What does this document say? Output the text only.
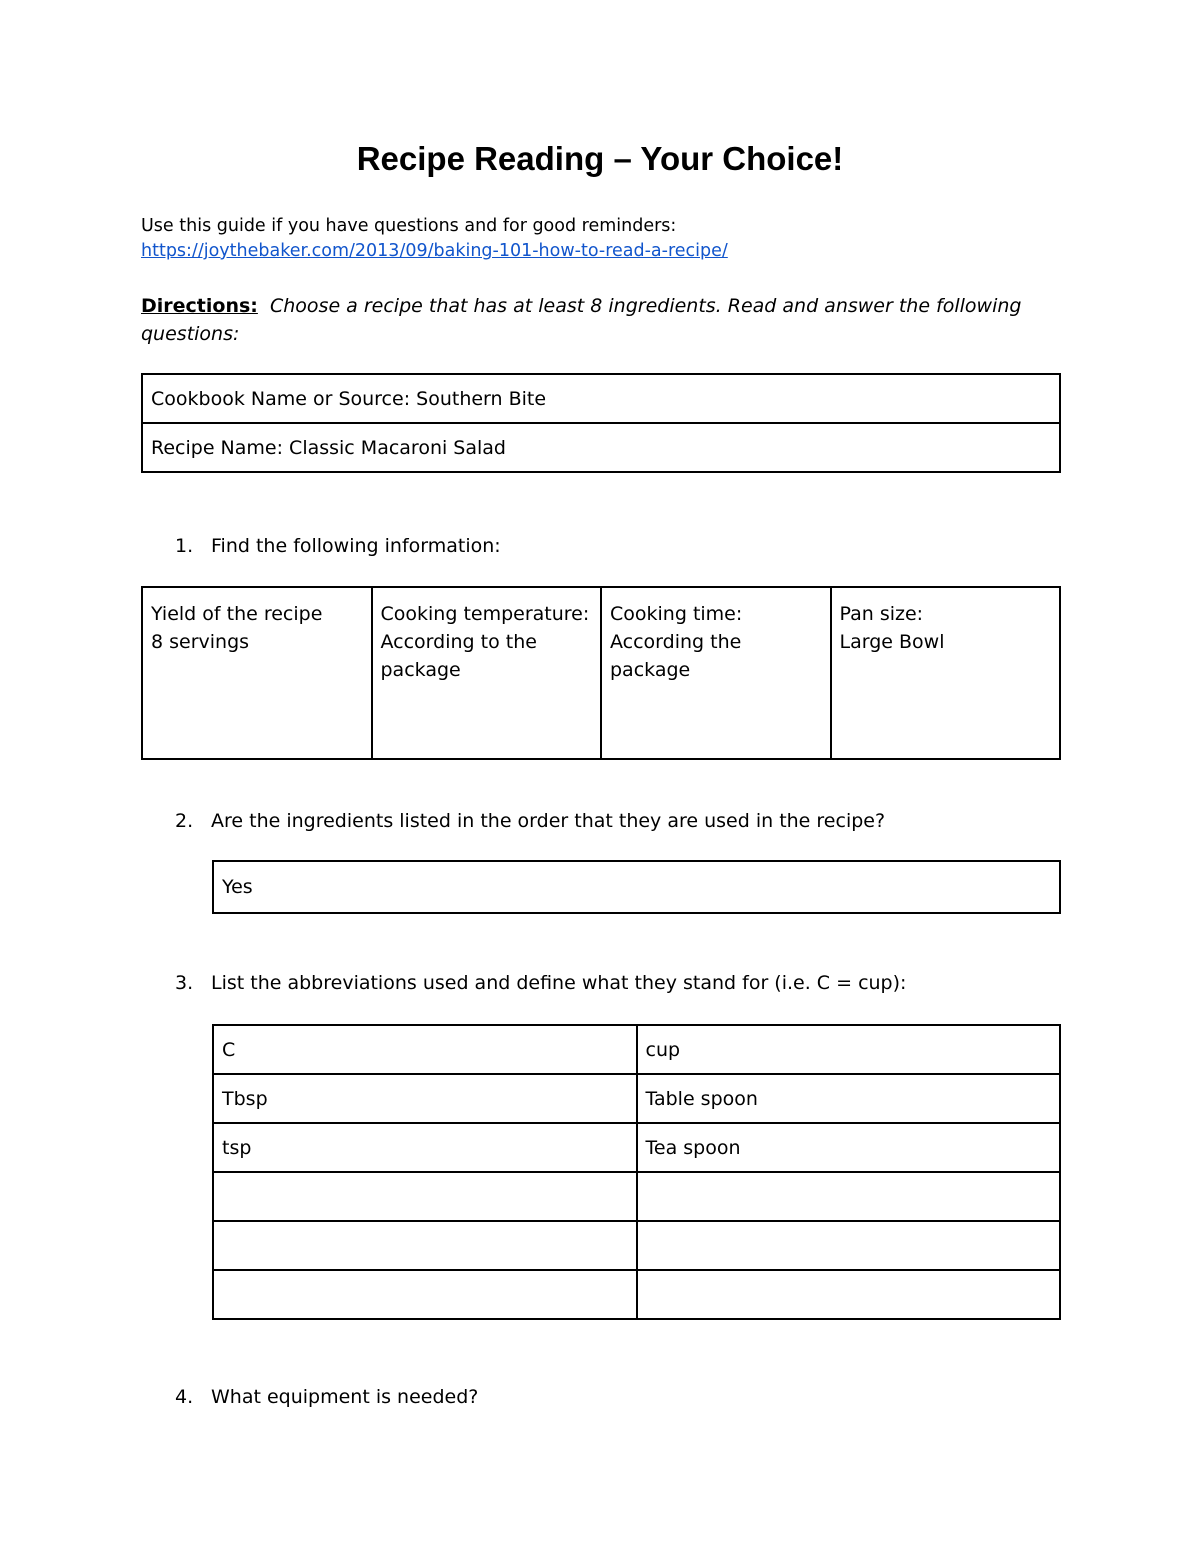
Recipe Reading – Your Choice!
Use this guide if you have questions and for good reminders:
https://joythebaker.com/2013/09/baking-101-how-to-read-a-recipe/
Directions: Choose a recipe that has at least 8 ingredients. Read and answer the following questions:
Cookbook Name or Source: Southern Bite
Recipe Name: Classic Macaroni Salad
1. Find the following information:
Yield of the recipe
8 servings

Cooking temperature:
According to the package

Cooking time:
According the package

Pan size:
Large Bowl
2. Are the ingredients listed in the order that they are used in the recipe?
Yes
3. List the abbreviations used and define what they stand for (i.e. C = cup):
C	cup
Tbsp	Table spoon
tsp	Tea spoon

4. What equipment is needed?
